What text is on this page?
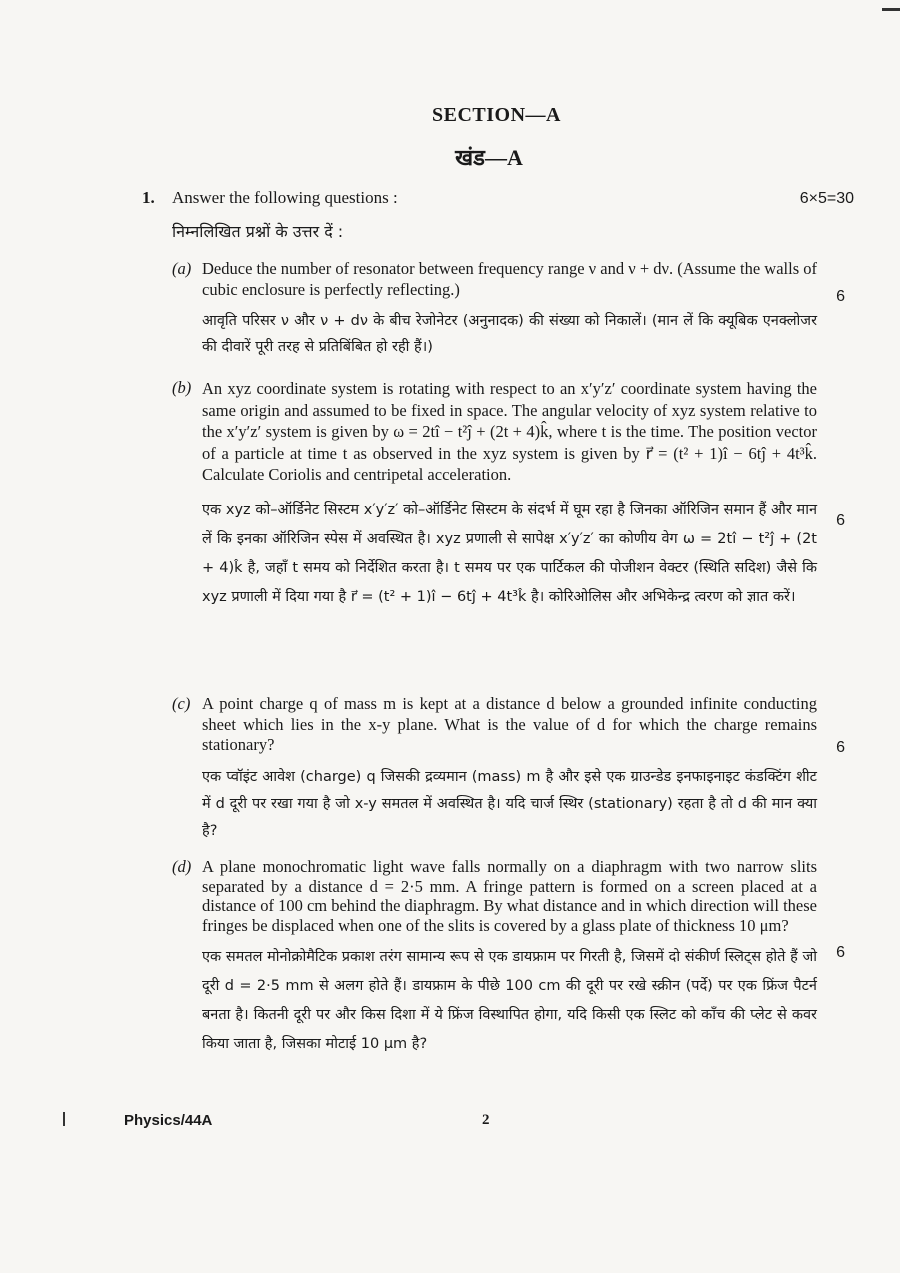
SECTION—A
खंड—A
1. Answer the following questions :	6×5=30
निम्नलिखित प्रश्नों के उत्तर दें :
(a) Deduce the number of resonator between frequency range ν and ν + dν. (Assume the walls of cubic enclosure is perfectly reflecting.)	6
आवृति परिसर ν और ν + dν के बीच रेजोनेटर (अनुनादक) की संख्या को निकालें। (मान लें कि क्यूबिक एनक्लोजर की दीवारें पूरी तरह से प्रतिबिंबित हो रही हैं।)
(b) An xyz coordinate system is rotating with respect to an x′y′z′ coordinate system having the same origin and assumed to be fixed in space. The angular velocity of xyz system relative to the x′y′z′ system is given by ω = 2tî − t²ĵ + (2t + 4)k̂, where t is the time. The position vector of a particle at time t as observed in the xyz system is given by r⃗ = (t² + 1)î − 6tĵ + 4t³k̂. Calculate Coriolis and centripetal acceleration.
6
एक xyz को–ऑर्डिनेट सिस्टम x′y′z′ को–ऑर्डिनेट सिस्टम के संदर्भ में घूम रहा है जिनका ऑरिजिन समान हैं और मान लें कि इनका ऑरिजिन स्पेस में अवस्थित है। xyz प्रणाली से सापेक्ष x′y′z′ का कोणीय वेग ω = 2tî − t²ĵ + (2t + 4)k̂ है, जहाँ t समय को निर्देशित करता है। t समय पर एक पार्टिकल की पोजीशन वेक्टर (स्थिति सदिश) जैसे कि xyz प्रणाली में दिया गया है r⃗ = (t² + 1)î − 6tĵ + 4t³k̂ है। कोरिओलिस और अभिकेन्द्र त्वरण को ज्ञात करें।
(c) A point charge q of mass m is kept at a distance d below a grounded infinite conducting sheet which lies in the x-y plane. What is the value of d for which the charge remains stationary?	6
एक प्वॉइंट आवेश (charge) q जिसकी द्रव्यमान (mass) m है और इसे एक ग्राउन्डेड इनफाइनाइट कंडक्टिंग शीट में d दूरी पर रखा गया है जो x-y समतल में अवस्थित है। यदि चार्ज स्थिर (stationary) रहता है तो d की मान क्या है?
(d) A plane monochromatic light wave falls normally on a diaphragm with two narrow slits separated by a distance d = 2·5 mm. A fringe pattern is formed on a screen placed at a distance of 100 cm behind the diaphragm. By what distance and in which direction will these fringes be displaced when one of the slits is covered by a glass plate of thickness 10 μm?
6
एक समतल मोनोक्रोमैटिक प्रकाश तरंग सामान्य रूप से एक डायफ्राम पर गिरती है, जिसमें दो संकीर्ण स्लिट्स होते हैं जो दूरी d = 2·5 mm से अलग होते हैं। डायफ्राम के पीछे 100 cm की दूरी पर रखे स्क्रीन (पर्दे) पर एक फ्रिंज पैटर्न बनता है। कितनी दूरी पर और किस दिशा में ये फ्रिंज विस्थापित होगा, यदि किसी एक स्लिट को काँच की प्लेट से कवर किया जाता है, जिसका मोटाई 10 μm है?
Physics/44A	2
